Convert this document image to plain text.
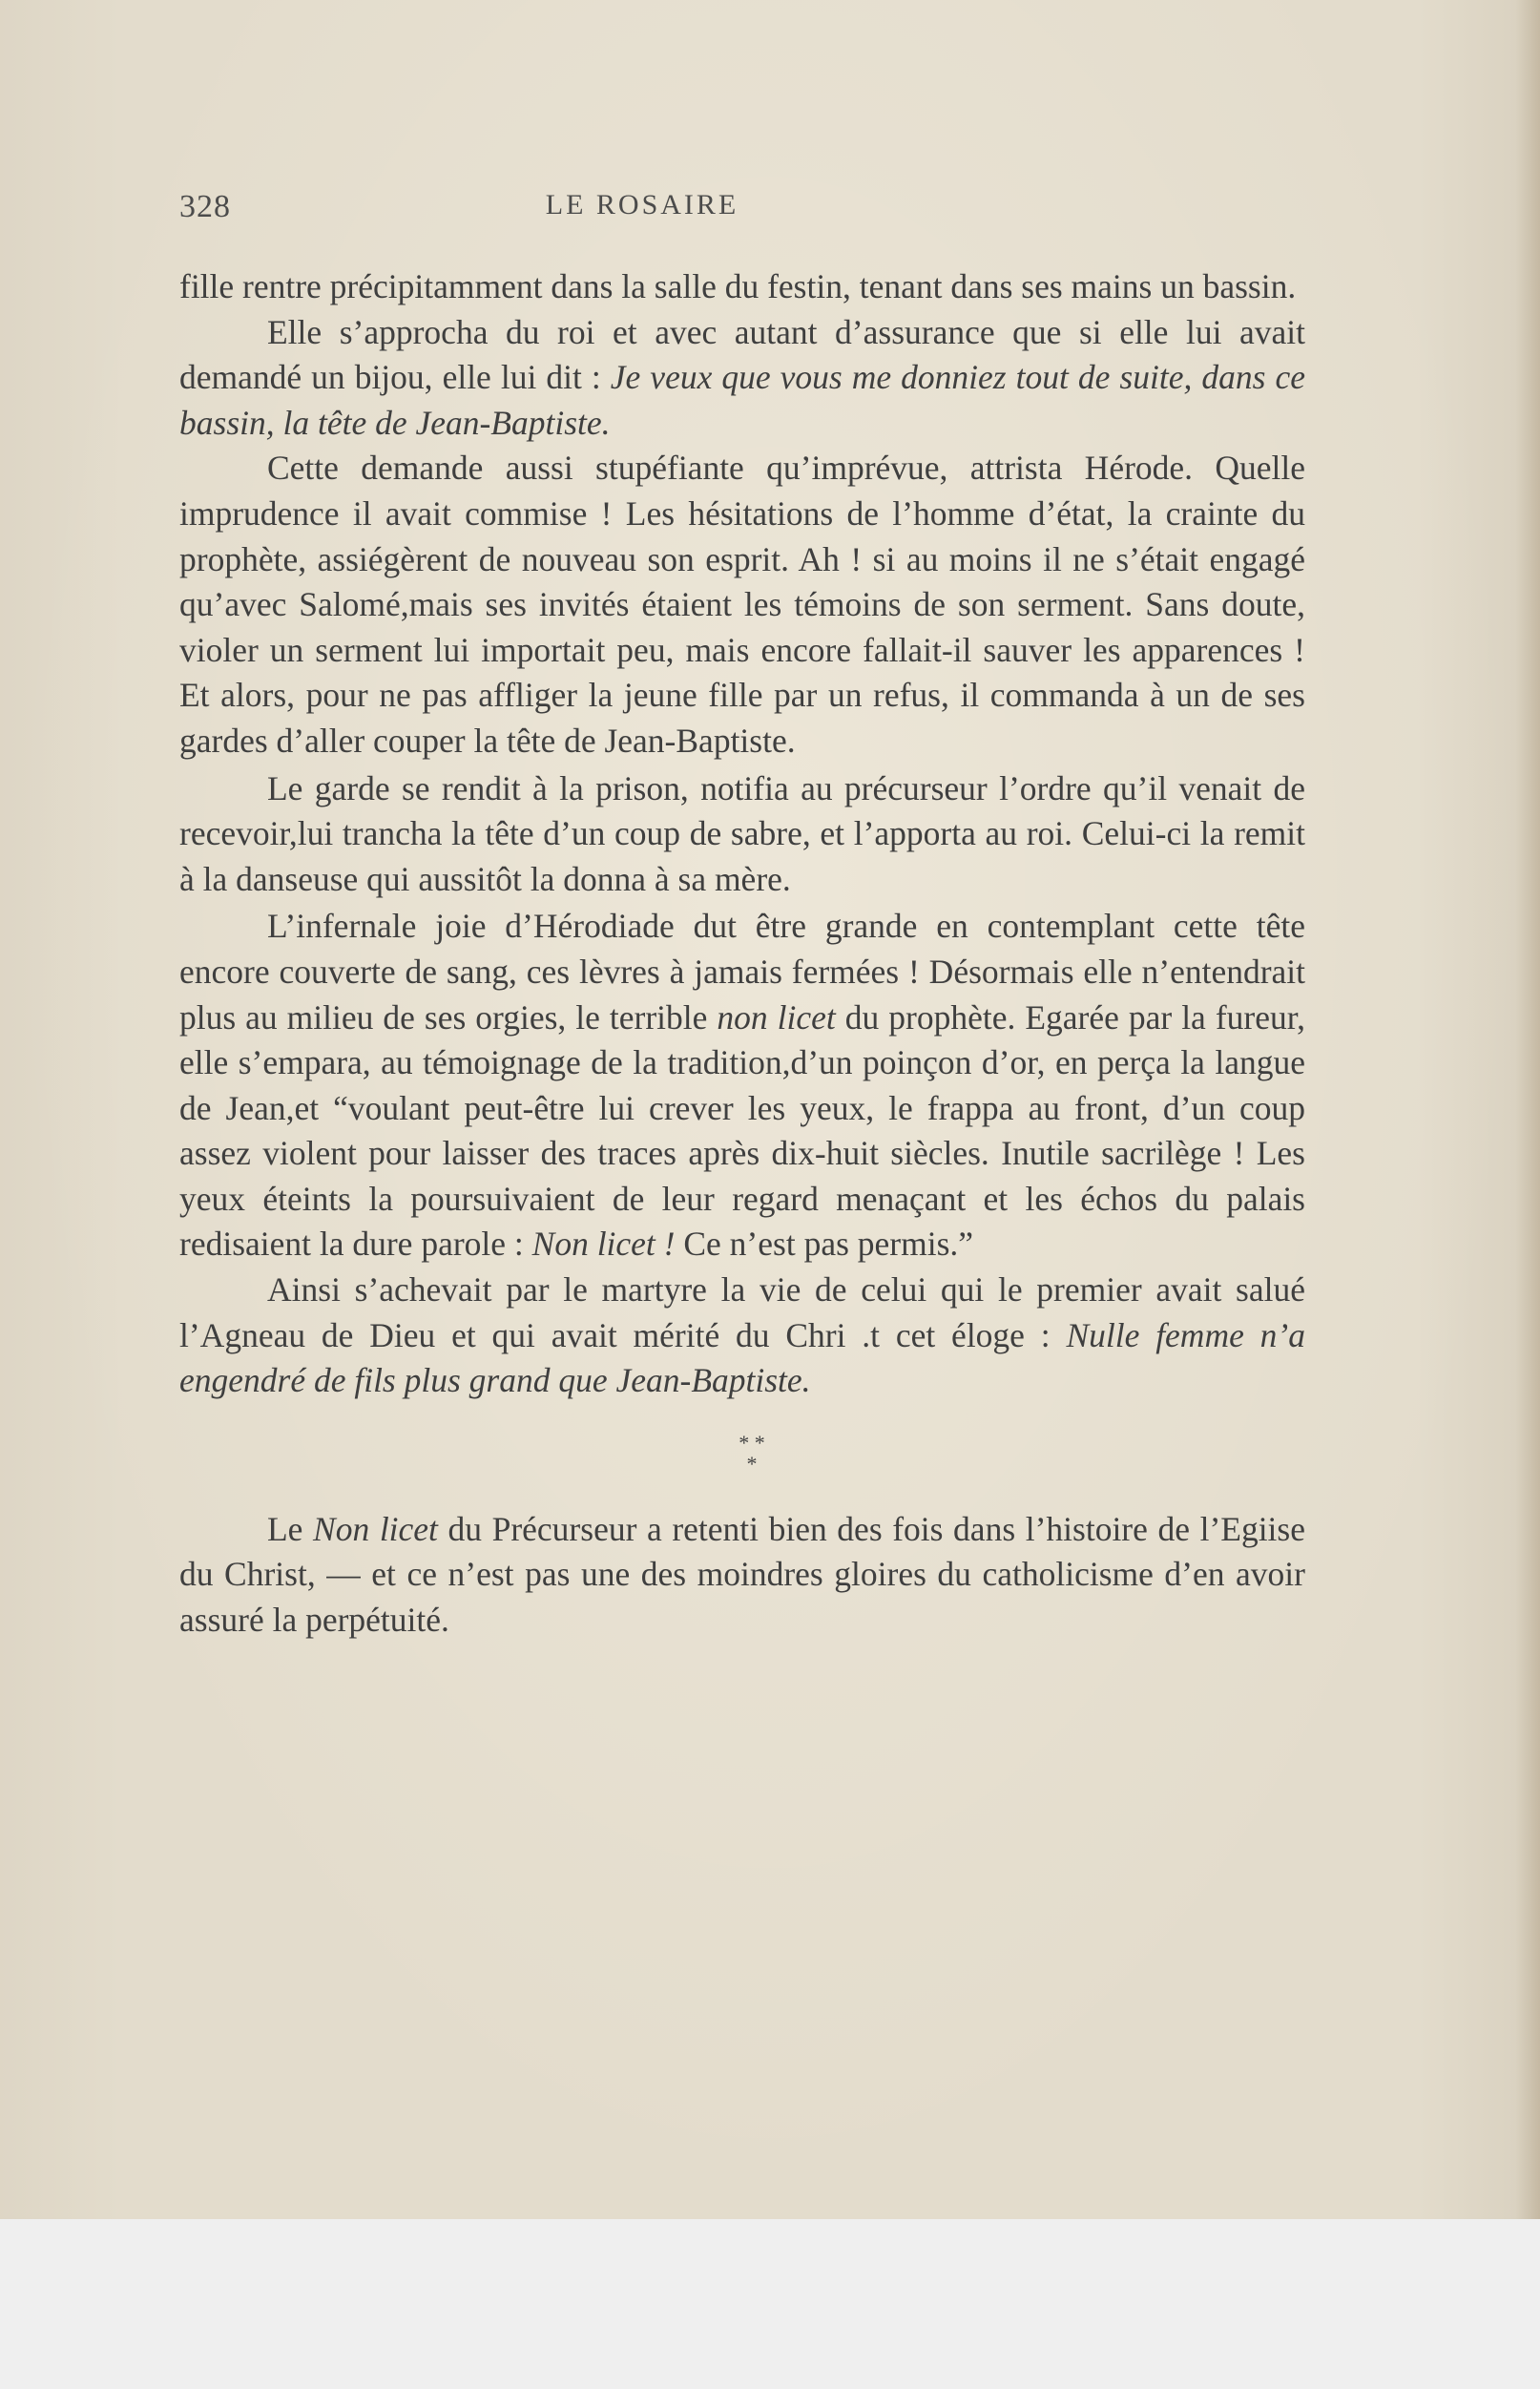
328	LE ROSAIRE

fille rentre précipitamment dans la salle du festin, tenant dans ses mains un bassin.

Elle s’approcha du roi et avec autant d’assurance que si elle lui avait demandé un bijou, elle lui dit : Je veux que vous me donniez tout de suite, dans ce bassin, la tête de Jean-Baptiste.

Cette demande aussi stupéfiante qu’imprévue, attrista Hérode. Quelle imprudence il avait commise ! Les hésitations de l’homme d’état, la crainte du prophète, assiégèrent de nouveau son esprit. Ah ! si au moins il ne s’était engagé qu’avec Salomé,mais ses invités étaient les témoins de son serment. Sans doute, violer un serment lui importait peu, mais encore fallait-il sauver les apparences ! Et alors, pour ne pas affliger la jeune fille par un refus, il commanda à un de ses gardes d’aller couper la tête de Jean-Baptiste.

Le garde se rendit à la prison, notifia au précurseur l’ordre qu’il venait de recevoir,lui trancha la tête d’un coup de sabre, et l’apporta au roi. Celui-ci la remit à la danseuse qui aussitôt la donna à sa mère.

L’infernale joie d’Hérodiade dut être grande en contemplant cette tête encore couverte de sang, ces lèvres à jamais fermées ! Désormais elle n’entendrait plus au milieu de ses orgies, le terrible non licet du prophète. Egarée par la fureur, elle s’empara, au témoignage de la tradition,d’un poinçon d’or, en perça la langue de Jean,et “voulant peut-être lui crever les yeux, le frappa au front, d’un coup assez violent pour laisser des traces après dix-huit siècles. Inutile sacrilège ! Les yeux éteints la poursuivaient de leur regard menaçant et les échos du palais redisaient la dure parole : Non licet ! Ce n’est pas permis.”

Ainsi s’achevait par le martyre la vie de celui qui le premier avait salué l’Agneau de Dieu et qui avait mérité du Chri .t cet éloge : Nulle femme n’a engendré de fils plus grand que Jean-Baptiste.

* *
*

Le Non licet du Précurseur a retenti bien des fois dans l’histoire de l’Egiise du Christ, — et ce n’est pas une des moindres gloires du catholicisme d’en avoir assuré la perpétuité.
